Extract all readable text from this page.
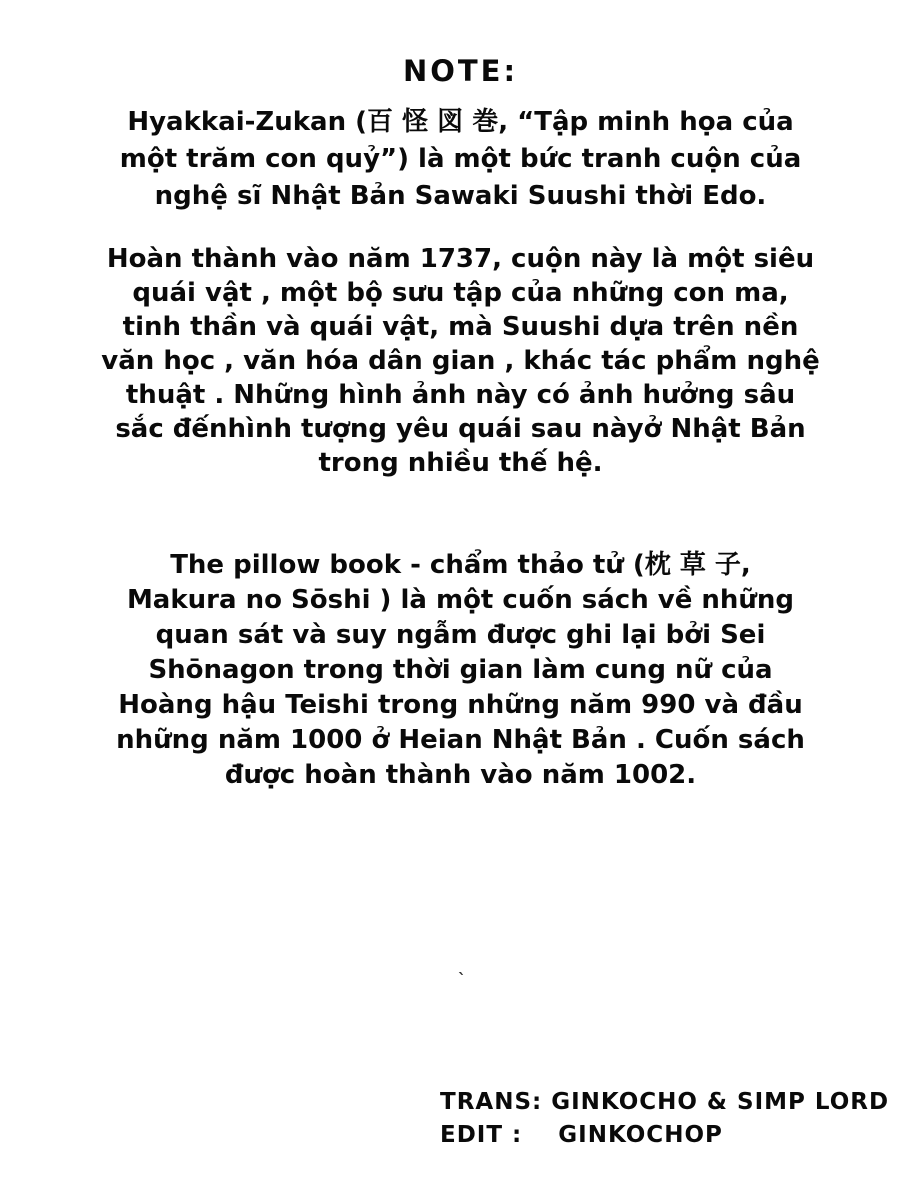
NOTE:
Hyakkai-Zukan (百 怪 図 巻, “Tập minh họa của
một trăm con quỷ”) là một bức tranh cuộn của
nghệ sĩ Nhật Bản Sawaki Suushi thời Edo.
Hoàn thành vào năm 1737, cuộn này là một siêu
quái vật , một bộ sưu tập của những con ma,
tinh thần và quái vật, mà Suushi dựa trên nền
văn học , văn hóa dân gian , khác tác phẩm nghệ
thuật . Những hình ảnh này có ảnh hưởng sâu
sắc đếnhình tượng yêu quái sau nàyở Nhật Bản
trong nhiều thế hệ.
The pillow book - chẩm thảo tử (枕 草 子,
Makura no Sōshi ) là một cuốn sách về những
quan sát và suy ngẫm được ghi lại bởi Sei
Shōnagon trong thời gian làm cung nữ của
Hoàng hậu Teishi trong những năm 990 và đầu
những năm 1000 ở Heian Nhật Bản . Cuốn sách
được hoàn thành vào năm 1002.
`
TRANS: GINKOCHO & SIMP LORD
EDIT :    GINKOCHOP
